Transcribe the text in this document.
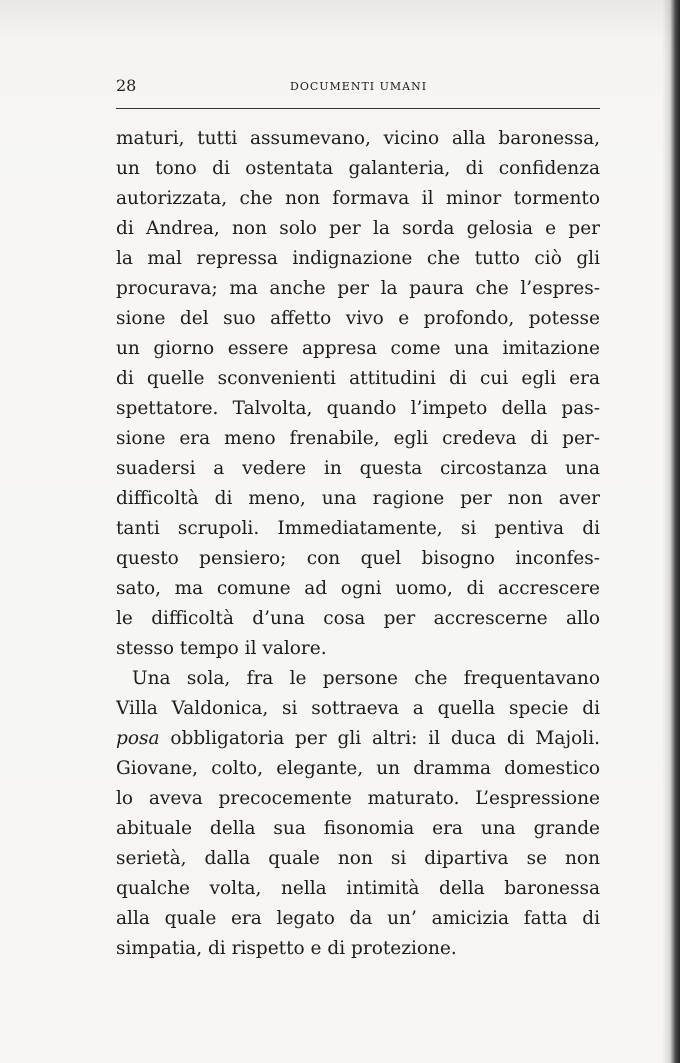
28	DOCUMENTI UMANI
maturi, tutti assumevano, vicino alla baronessa,
un tono di ostentata galanteria, di confidenza
autorizzata, che non formava il minor tormento
di Andrea, non solo per la sorda gelosia e per
la mal repressa indignazione che tutto ciò gli
procurava; ma anche per la paura che l’espres-
sione del suo affetto vivo e profondo, potesse
un giorno essere appresa come una imitazione
di quelle sconvenienti attitudini di cui egli era
spettatore. Talvolta, quando l’impeto della pas-
sione era meno frenabile, egli credeva di per-
suadersi a vedere in questa circostanza una
difficoltà di meno, una ragione per non aver
tanti scrupoli. Immediatamente, si pentiva di
questo pensiero; con quel bisogno inconfes-
sato, ma comune ad ogni uomo, di accrescere
le difficoltà d’una cosa per accrescerne allo
stesso tempo il valore.
Una sola, fra le persone che frequentavano
Villa Valdonica, si sottraeva a quella specie di
posa obbligatoria per gli altri: il duca di Majoli.
Giovane, colto, elegante, un dramma domestico
lo aveva precocemente maturato. L’espressione
abituale della sua fisonomia era una grande
serietà, dalla quale non si dipartiva se non
qualche volta, nella intimità della baronessa
alla quale era legato da un’ amicizia fatta di
simpatia, di rispetto e di protezione.
